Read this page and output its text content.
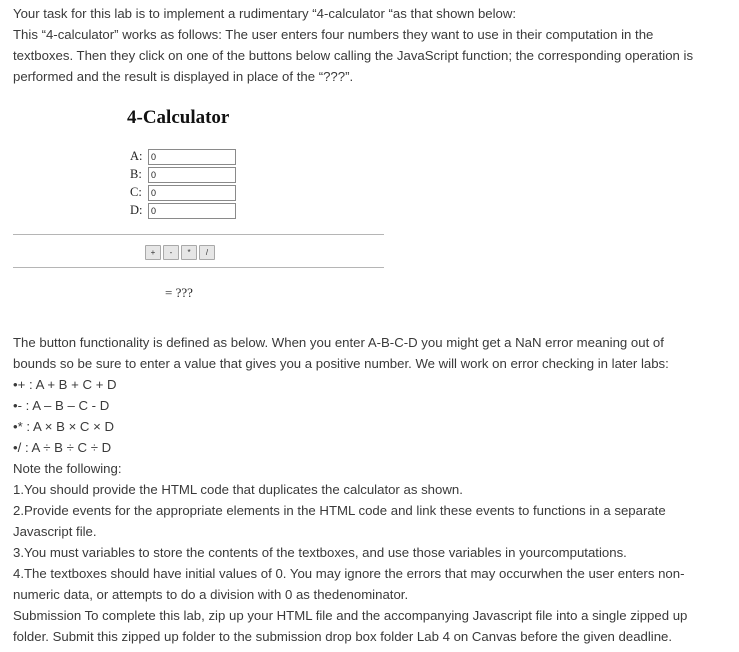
Your task for this lab is to implement a rudimentary “4-calculator “as that shown below:
This “4-calculator” works as follows: The user enters four numbers they want to use in their computation in the
textboxes. Then they click on one of the buttons below calling the JavaScript function; the corresponding operation is
performed and the result is displayed in place of the “???”.
4-Calculator
A:
0
B:
0
C:
0
D:
0
+	-	*	/
= ???

The button functionality is defined as below. When you enter A-B-C-D you might get a NaN error meaning out of

bounds so be sure to enter a value that gives you a positive number. We will work on error checking in later labs:

•+ : A + B + C + D

•- : A – B – C - D

•* : A × B × C × D

•/ : A ÷ B ÷ C ÷ D

Note the following:

1.You should provide the HTML code that duplicates the calculator as shown.

2.Provide events for the appropriate elements in the HTML code and link these events to functions in a separate

Javascript file.

3.You must variables to store the contents of the textboxes, and use those variables in yourcomputations.

4.The textboxes should have initial values of 0. You may ignore the errors that may occurwhen the user enters non-

numeric data, or attempts to do a division with 0 as thedenominator.

Submission To complete this lab, zip up your HTML file and the accompanying Javascript file into a single zipped up

folder. Submit this zipped up folder to the submission drop box folder Lab 4 on Canvas before the given deadline.
